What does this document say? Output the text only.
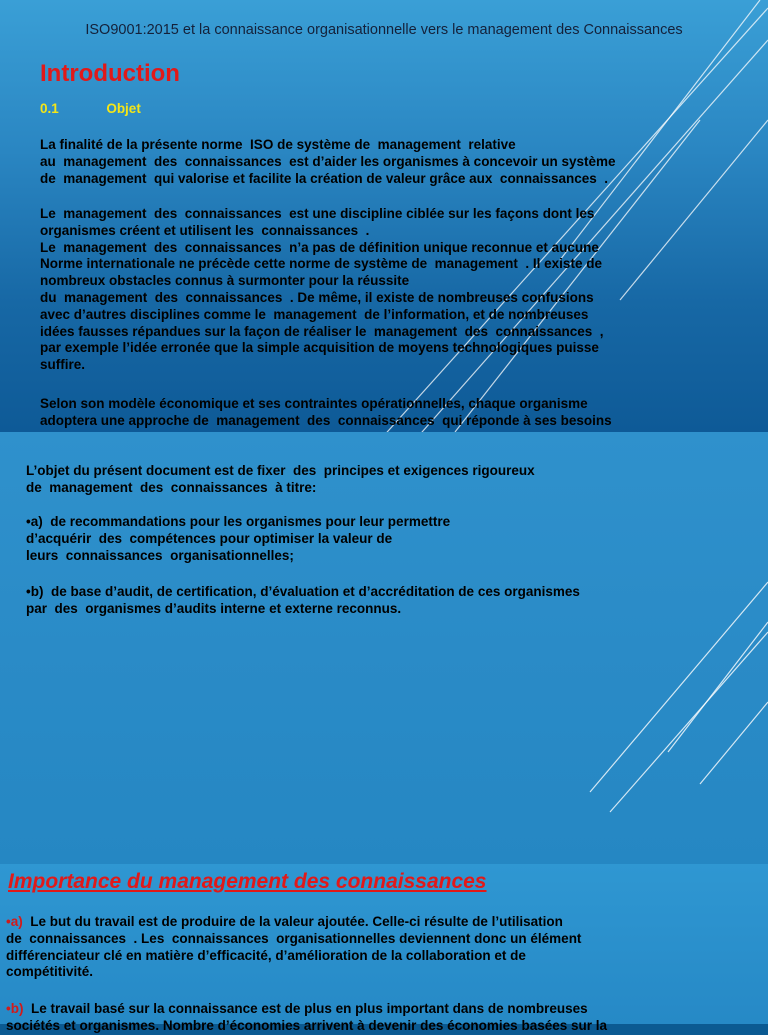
ISO9001:2015 et la connaissance organisationnelle vers le management des Connaissances
Introduction
0.1	Objet
La finalité de la présente norme  ISO de système de  management  relative
au  management  des  connaissances  est d’aider les organismes à concevoir un système
de  management  qui valorise et facilite la création de valeur grâce aux  connaissances  .
Le  management  des  connaissances  est une discipline ciblée sur les façons dont les
organismes créent et utilisent les  connaissances  .
Le  management  des  connaissances  n’a pas de définition unique reconnue et aucune
Norme internationale ne précède cette norme de système de  management  . Il existe de
nombreux obstacles connus à surmonter pour la réussite
du  management  des  connaissances  . De même, il existe de nombreuses confusions
avec d’autres disciplines comme le  management  de l’information, et de nombreuses
idées fausses répandues sur la façon de réaliser le  management  des  connaissances  ,
par exemple l’idée erronée que la simple acquisition de moyens technologiques puisse
suffire.
Selon son modèle économique et ses contraintes opérationnelles, chaque organisme
adoptera une approche de  management  des  connaissances  qui réponde à ses besoins
L’objet du présent document est de fixer  des  principes et exigences rigoureux
de  management  des  connaissances  à titre:
•a)  de recommandations pour les organismes pour leur permettre
d’acquérir  des  compétences pour optimiser la valeur de
leurs  connaissances  organisationnelles;
•b)  de base d’audit, de certification, d’évaluation et d’accréditation de ces organismes
par  des  organismes d’audits interne et externe reconnus.
Importance du management des connaissances
•a)  Le but du travail est de produire de la valeur ajoutée. Celle-ci résulte de l’utilisation
de  connaissances  . Les  connaissances  organisationnelles deviennent donc un élément
différenciateur clé en matière d’efficacité, d’amélioration de la collaboration et de
compétitivité.
•b)  Le travail basé sur la connaissance est de plus en plus important dans de nombreuses
sociétés et organismes. Nombre d’économies arrivent à devenir des économies basées sur la
